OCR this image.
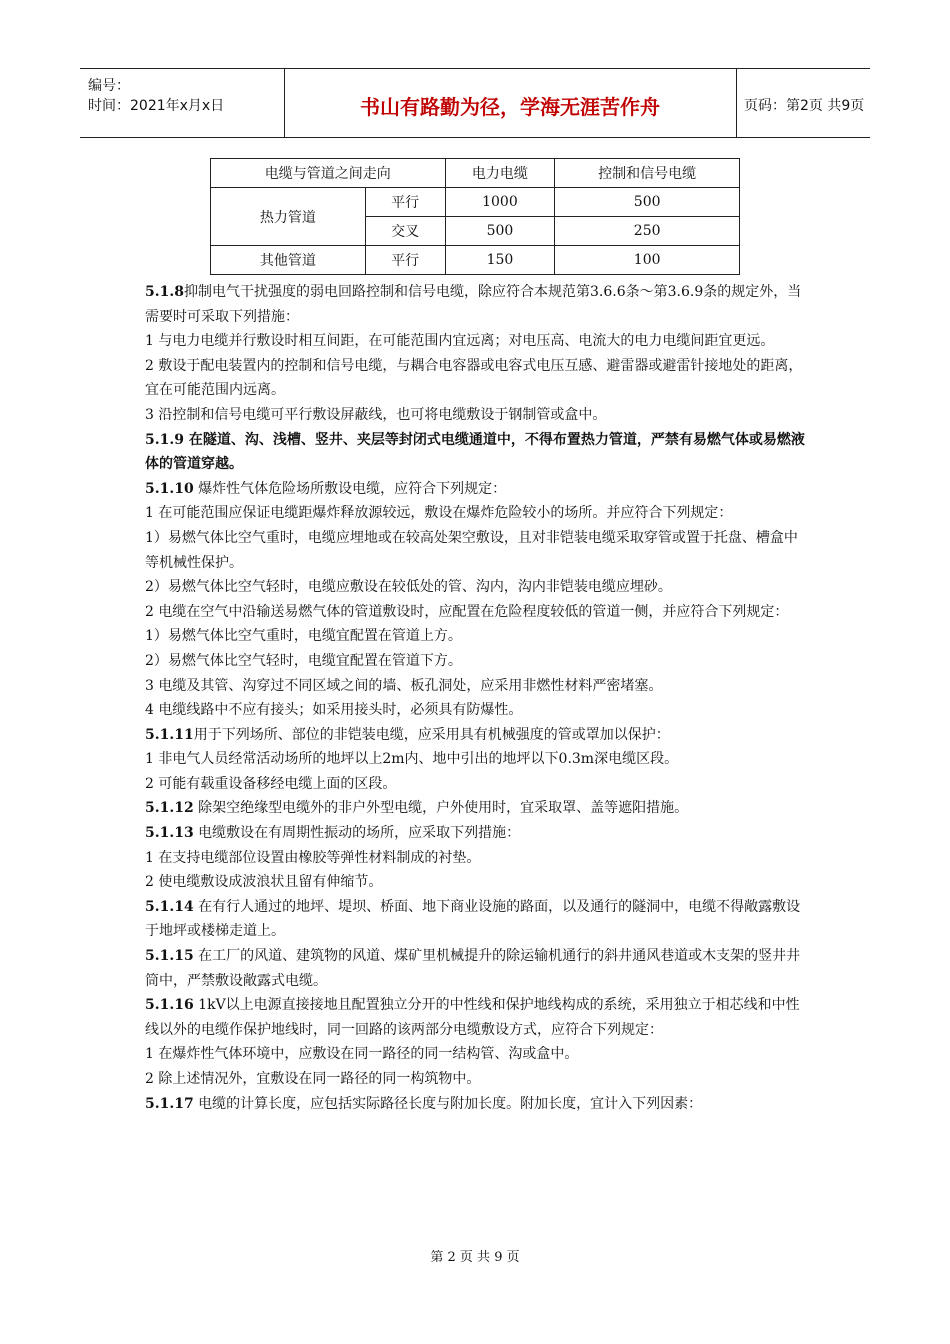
编号：
时间：2021年x月x日	书山有路勤为径，学海无涯苦作舟	页码：第2页 共9页
电缆与管道之间走向		电力电缆	控制和信号电缆
热力管道	平行	1000	500
	交叉	500	250
其他管道	平行	150	100

5.1.8抑制电气干扰强度的弱电回路控制和信号电缆，除应符合本规范第3.6.6条～第3.6.9条的规定外，当需要时可采取下列措施：

1 与电力电缆并行敷设时相互间距，在可能范围内宜远离；对电压高、电流大的电力电缆间距宜更远。

2 敷设于配电装置内的控制和信号电缆，与耦合电容器或电容式电压互感、避雷器或避雷针接地处的距离，宜在可能范围内远离。

3 沿控制和信号电缆可平行敷设屏蔽线，也可将电缆敷设于钢制管或盒中。

5.1.9 在隧道、沟、浅槽、竖井、夹层等封闭式电缆通道中，不得布置热力管道，严禁有易燃气体或易燃液体的管道穿越。

5.1.10 爆炸性气体危险场所敷设电缆，应符合下列规定：

1 在可能范围应保证电缆距爆炸释放源较远，敷设在爆炸危险较小的场所。并应符合下列规定：

1）易燃气体比空气重时，电缆应埋地或在较高处架空敷设，且对非铠装电缆采取穿管或置于托盘、槽盒中等机械性保护。

2）易燃气体比空气轻时，电缆应敷设在较低处的管、沟内，沟内非铠装电缆应埋砂。

2 电缆在空气中沿输送易燃气体的管道敷设时，应配置在危险程度较低的管道一侧，并应符合下列规定：

1）易燃气体比空气重时，电缆宜配置在管道上方。

2）易燃气体比空气轻时，电缆宜配置在管道下方。

3 电缆及其管、沟穿过不同区域之间的墙、板孔洞处，应采用非燃性材料严密堵塞。

4 电缆线路中不应有接头；如采用接头时，必须具有防爆性。

5.1.11用于下列场所、部位的非铠装电缆，应采用具有机械强度的管或罩加以保护：

1 非电气人员经常活动场所的地坪以上2m内、地中引出的地坪以下0.3m深电缆区段。

2 可能有载重设备移经电缆上面的区段。

5.1.12 除架空绝缘型电缆外的非户外型电缆，户外使用时，宜采取罩、盖等遮阳措施。

5.1.13 电缆敷设在有周期性振动的场所，应采取下列措施：

1 在支持电缆部位设置由橡胶等弹性材料制成的衬垫。

2 使电缆敷设成波浪状且留有伸缩节。

5.1.14 在有行人通过的地坪、堤坝、桥面、地下商业设施的路面，以及通行的隧洞中，电缆不得敞露敷设于地坪或楼梯走道上。

5.1.15 在工厂的风道、建筑物的风道、煤矿里机械提升的除运输机通行的斜井通风巷道或木支架的竖井井筒中，严禁敷设敞露式电缆。

5.1.16 1kV以上电源直接接地且配置独立分开的中性线和保护地线构成的系统，采用独立于相芯线和中性线以外的电缆作保护地线时，同一回路的该两部分电缆敷设方式，应符合下列规定：

1 在爆炸性气体环境中，应敷设在同一路径的同一结构管、沟或盒中。

2 除上述情况外，宜敷设在同一路径的同一构筑物中。

5.1.17 电缆的计算长度，应包括实际路径长度与附加长度。附加长度，宜计入下列因素：

第 2 页 共 9 页
